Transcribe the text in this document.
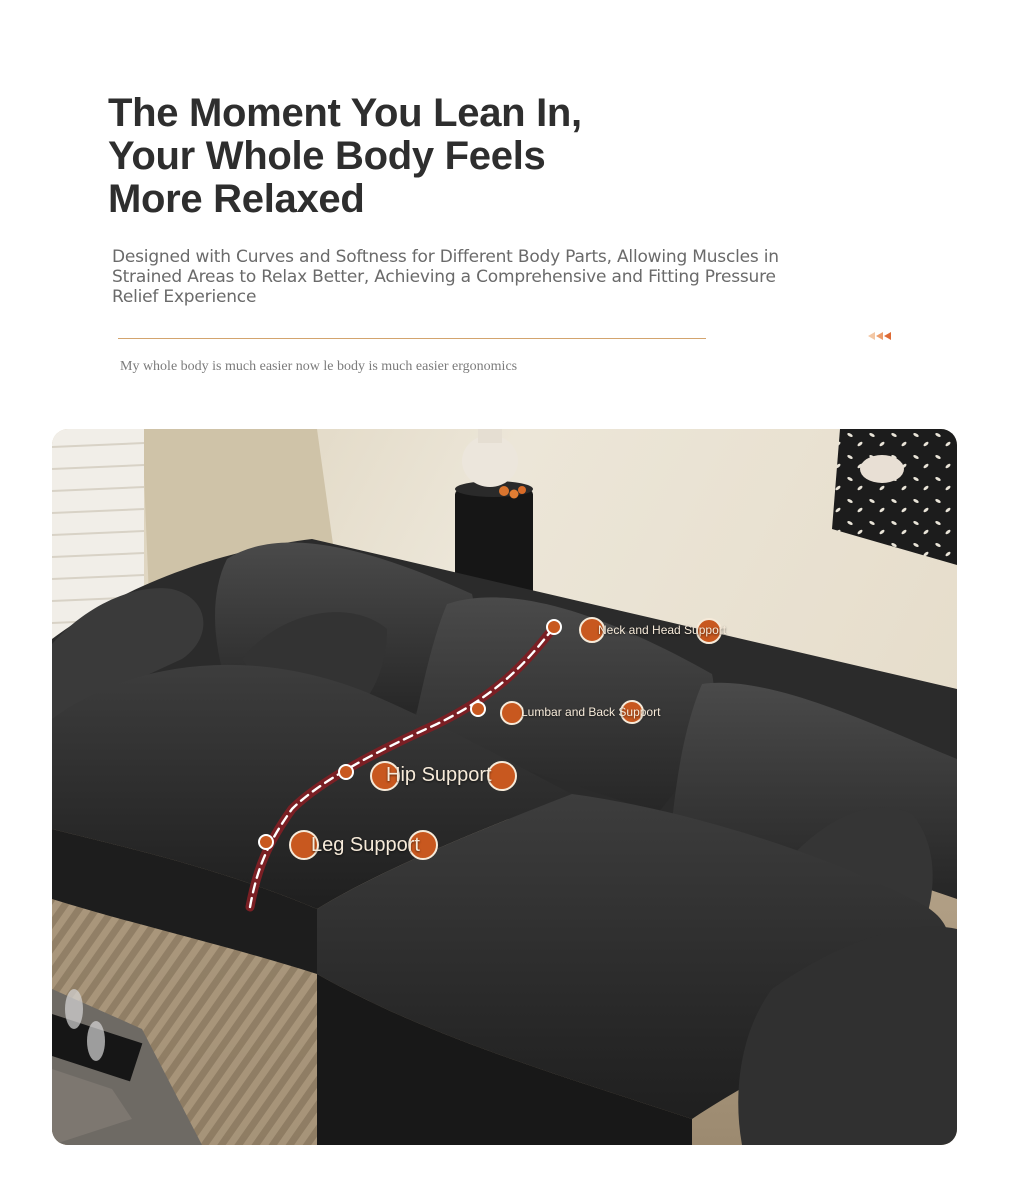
The Moment You Lean In,
Your Whole Body Feels
More Relaxed
Designed with Curves and Softness for Different Body Parts, Allowing Muscles in Strained Areas to Relax Better, Achieving a Comprehensive and Fitting Pressure Relief Experience
My whole body is much easier now le body is much easier ergonomics
Neck and Head Support
Lumbar and Back Support
Hip Support
Leg Support
